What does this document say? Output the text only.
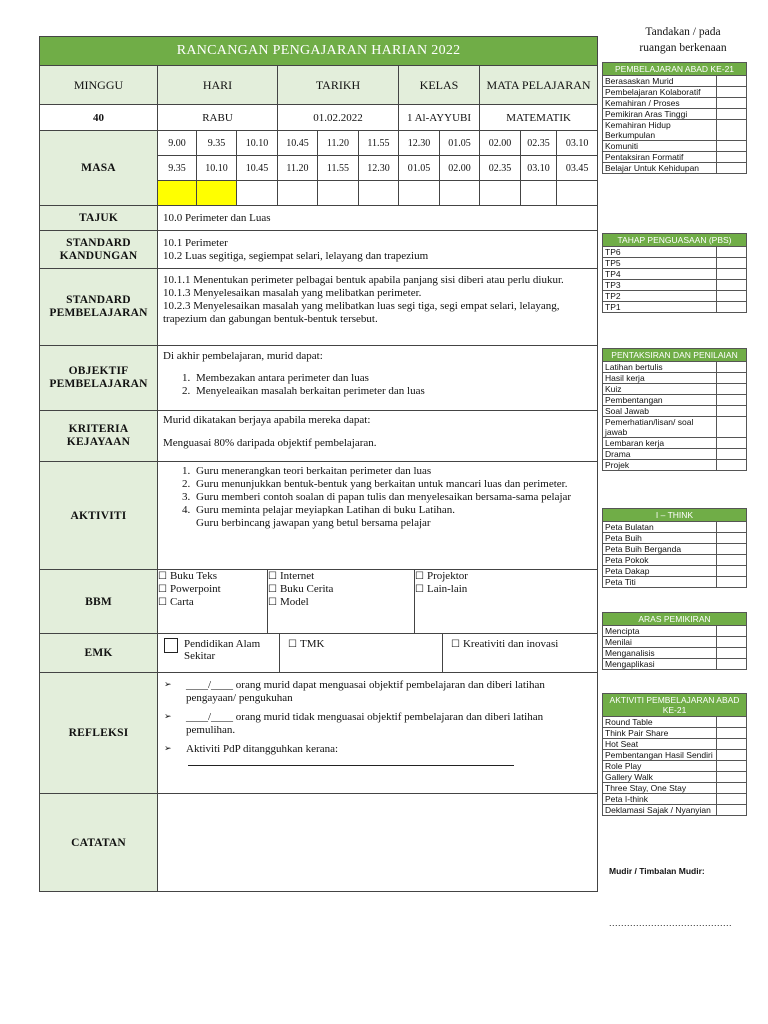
RANCANGAN PENGAJARAN HARIAN 2022
MINGGU	HARI	TARIKH	KELAS	MATA PELAJARAN
40	RABU	01.02.2022	1 Al-AYYUBI	MATEMATIK
MASA	9.00	9.35	10.10	10.45	11.20	11.55	12.30	01.05	02.00	02.35	03.10
9.35	10.10	10.45	11.20	11.55	12.30	01.05	02.00	02.35	03.10	03.45

TAJUK	10.0 Perimeter dan Luas
STANDARD
KANDUNGAN	
10.1 Perimeter
10.2 Luas segitiga, segiempat selari, lelayang dan trapezium

STANDARD
PEMBELAJARAN	
10.1.1 Menentukan perimeter pelbagai bentuk apabila panjang sisi diberi atau perlu diukur.
10.1.3 Menyelesaikan masalah yang melibatkan perimeter.
10.2.3 Menyelesaikan masalah yang melibatkan luas segi tiga, segi empat selari, lelayang, trapezium dan gabungan bentuk-bentuk tersebut.

OBJEKTIF
PEMBELAJARAN	
Di akhir pembelajaran, murid dapat:
1. Membezakan antara perimeter dan luas
2. Menyeleaikan masalah berkaitan perimeter dan luas

KRITERIA
KEJAYAAN	
Murid dikatakan berjaya apabila mereka dapat:
Menguasai 80% daripada objektif pembelajaran.

AKTIVITI	
1. Guru menerangkan teori berkaitan perimeter dan luas
2. Guru menunjukkan bentuk-bentuk yang berkaitan untuk mancari luas dan perimeter.
3. Guru memberi contoh soalan di papan tulis dan menyelesaikan bersama-sama pelajar
4. Guru meminta pelajar meyiapkan Latihan di buku Latihan.
Guru berbincang jawapan yang betul bersama pelajar

BBM	
☐ Buku Teks
☐ Powerpoint
☐ Carta

☐ Internet
☐ Buku Cerita
☐ Model

☐ Projektor
☐ Lain-lain

EMK	
Pendidikan Alam Sekitar
	☐ TMK	☐ Kreativiti dan inovasi

REFLEKSI	
➢	____/____ orang murid dapat menguasai objektif pembelajaran dan diberi latihan pengayaan/ pengukuhan
➢	____/____ orang murid tidak menguasai objektif pembelajaran dan diberi latihan pemulihan.
➢	Aktiviti PdP ditangguhkan kerana:

CATATAN	
Tandakan / pada
ruangan berkenaan
PEMBELAJARAN ABAD KE-21	
Berasaskan Murid	
Pembelajaran Kolaboratif	
Kemahiran / Proses	
Pemikiran Aras Tinggi	
Kemahiran Hidup Berkumpulan	
Komuniti	
Pentaksiran Formatif	
Belajar Untuk Kehidupan	
TAHAP PENGUASAAN (PBS)	
TP6	
TP5	
TP4	
TP3	
TP2	
TP1	
PENTAKSIRAN DAN PENILAIAN	
Latihan bertulis	
Hasil kerja	
Kuiz	
Pembentangan	
Soal Jawab	
Pemerhatian/lisan/ soal jawab	
Lembaran kerja	
Drama	
Projek	
I – THINK	
Peta Bulatan	
Peta Buih	
Peta Buih Berganda	
Peta Pokok	
Peta Dakap	
Peta Titi	
ARAS PEMIKIRAN	
Mencipta	
Menilai	
Menganalisis	
Mengaplikasi	
AKTIVITI PEMBELAJARAN ABAD KE-21	
Round Table	
Think Pair Share	
Hot Seat	
Pembentangan Hasil Sendiri	
Role Play	
Gallery Walk	
Three Stay, One Stay	
Peta I-think	
Deklamasi Sajak / Nyanyian	
Mudir / Timbalan Mudir:
.........................................
